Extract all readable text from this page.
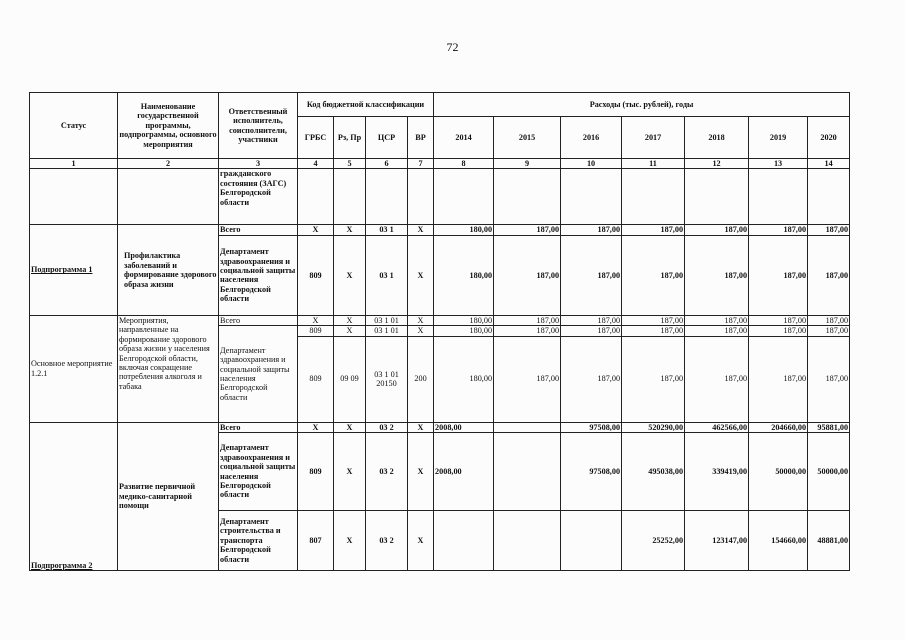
72
Статус	Наименование государственной программы, подпрограммы, основного мероприятия	Ответственный исполнитель, соисполнители, участники	Код бюджетной классификации				Расходы (тыс. рублей), годы						
			ГРБС	Рз, Пр	ЦСР	ВР	2014	2015	2016	2017	2018	2019	2020
1	2	3	4	5	6	7	8	9	10	11	12	13	14
		гражданского состояния (ЗАГС) Белгородской области											
Подпрограмма 1	Профилактика заболеваний и формирование здорового образа жизни	Всего	Х	Х	03 1	Х	180,00	187,00	187,00	187,00	187,00	187,00	187,00
		Департамент здравоохранения и социальной защиты населения Белгородской области	809	Х	03 1	Х	180,00	187,00	187,00	187,00	187,00	187,00	187,00
Основное мероприятие 1.2.1	Мероприятия, направленные на формирование здорового образа жизни у населения Белгородской области, включая сокращение потребления алкоголя и табака	Всего	Х	Х	03 1 01	Х	180,00	187,00	187,00	187,00	187,00	187,00	187,00
		Департамент здравоохранения и социальной защиты населения Белгородской области	809	Х	03 1 01	Х	180,00	187,00	187,00	187,00	187,00	187,00	187,00
			809	09 09	03 1 01 20150	200	180,00	187,00	187,00	187,00	187,00	187,00	187,00
Подпрограмма 2	Развитие первичной медико-санитарной помощи	Всего	Х	Х	03 2	Х	2008,00		97508,00	520290,00	462566,00	204660,00	95881,00
		Департамент здравоохранения и социальной защиты населения Белгородской области	809	Х	03 2	Х	2008,00		97508,00	495038,00	339419,00	50000,00	50000,00
		Департамент строительства и транспорта Белгородской области	807	Х	03 2	Х				25252,00	123147,00	154660,00	48881,00
